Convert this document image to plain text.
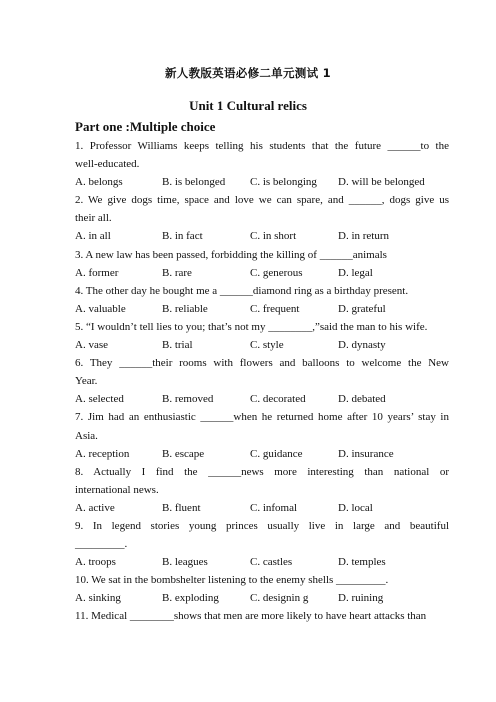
新人教版英语必修二单元测试 1
Unit 1 Cultural relics
Part one :Multiple choice
1. Professor Williams keeps telling his students that the future ______to the
well-educated.
A. belongs	B. is belonged	C. is belonging	D. will be belonged
2. We give dogs time, space and love we can spare, and ______, dogs give us
their all.
A. in all	B. in fact	C. in short	D. in return
3. A new law has been passed, forbidding the killing of ______animals
A. former	B. rare	C. generous	D. legal
4. The other day he bought me a ______diamond ring as a birthday present.
A. valuable	B. reliable	C. frequent	D. grateful
5. “I wouldn’t tell lies to you; that’s not my ________,”said the man to his wife.
A. vase	B. trial	C. style	D. dynasty
6. They ______their rooms with flowers and balloons to welcome the New
Year.
A. selected	B. removed	C. decorated	D. debated
7. Jim had an enthusiastic ______when he returned home after 10 years’ stay in
Asia.
A. reception	B. escape	C. guidance	D. insurance
8. Actually I find the ______news more interesting than national or
international news.
A. active	B. fluent	C. infomal	D. local
9. In legend stories young princes usually live in large and beautiful
_________.
A. troops	B. leagues	C. castles	D. temples
10. We sat in the bombshelter listening to the enemy shells _________.
A. sinking	B. exploding	C. designin g	D. ruining
11. Medical ________shows that men are more likely to have heart attacks than
